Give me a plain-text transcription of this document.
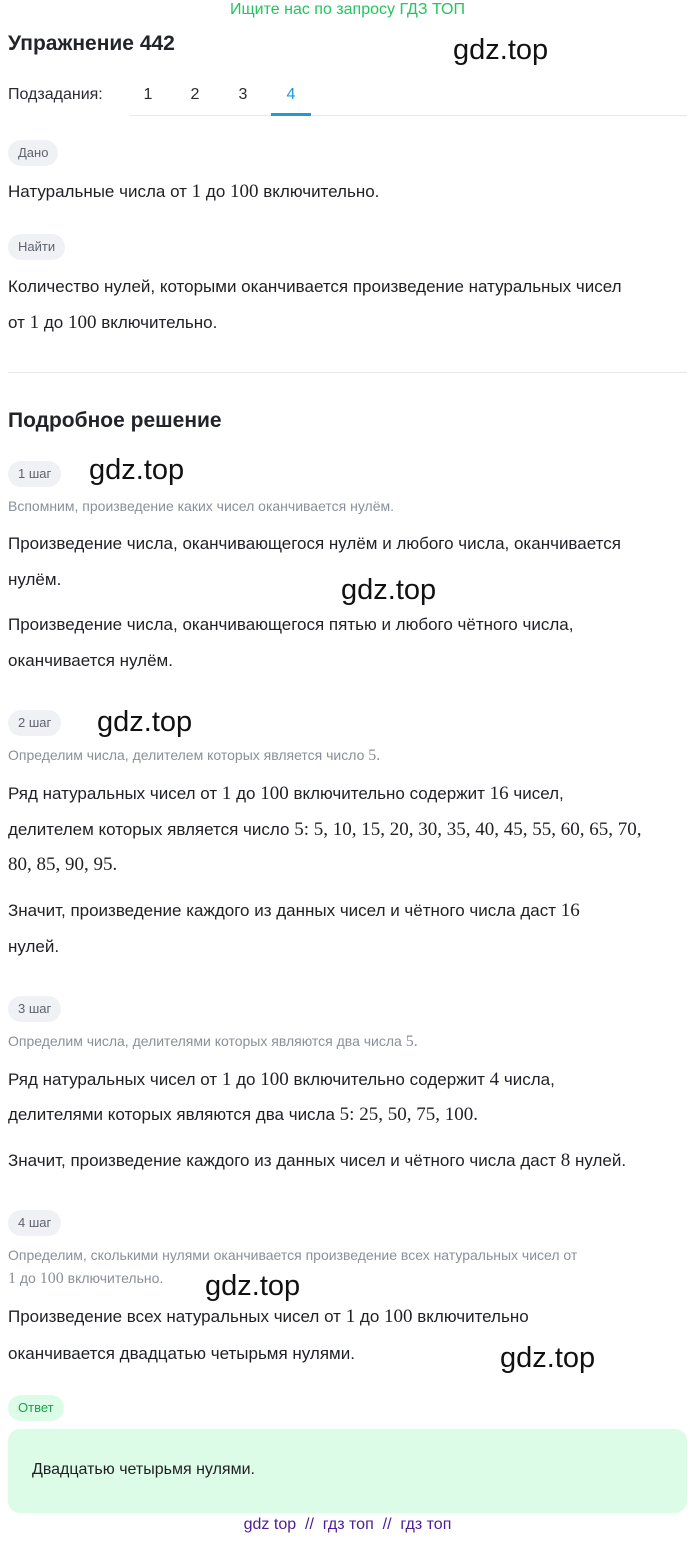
Ищите нас по запросу ГДЗ ТОП
Упражнение 442	gdz.top
gdz.top
gdz.top
gdz.top
gdz.top
gdz.top
Подзадания:	1	2	3	4
Дано
Натуральные числа от 1 до 100 включительно.
Найти
Количество нулей, которыми оканчивается произведение натуральных чисел
от 1 до 100 включительно.
Подробное решение
1 шаг
Вспомним, произведение каких чисел оканчивается нулём.
Произведение числа, оканчивающегося нулём и любого числа, оканчивается
нулём.
Произведение числа, оканчивающегося пятью и любого чётного числа,
оканчивается нулём.
2 шаг
Определим числа, делителем которых является число 5.
Ряд натуральных чисел от 1 до 100 включительно содержит 16 чисел,
делителем которых является число 5: 5, 10, 15, 20, 30, 35, 40, 45, 55, 60, 65, 70,
80, 85, 90, 95.
Значит, произведение каждого из данных чисел и чётного числа даст 16
нулей.
3 шаг
Определим числа, делителями которых являются два числа 5.
Ряд натуральных чисел от 1 до 100 включительно содержит 4 числа,
делителями которых являются два числа 5: 25, 50, 75, 100.
Значит, произведение каждого из данных чисел и чётного числа даст 8 нулей.
4 шаг
Определим, сколькими нулями оканчивается произведение всех натуральных чисел от
1 до 100 включительно.
Произведение всех натуральных чисел от 1 до 100 включительно
оканчивается двадцатью четырьмя нулями.
Ответ
Двадцатью четырьмя нулями.
gdz top // гдз топ // гдз топ
